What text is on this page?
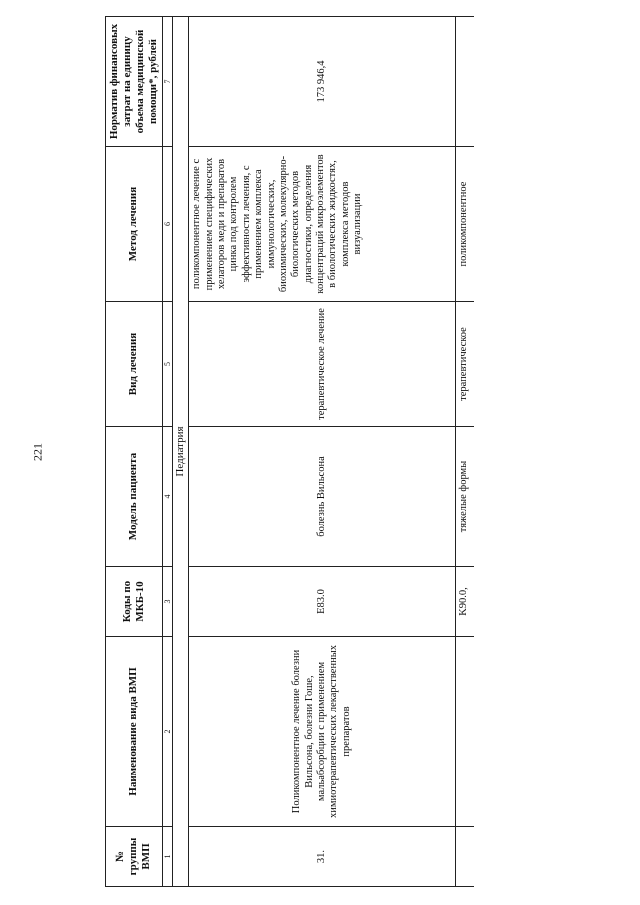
221
№ группы ВМП	Наименование вида ВМП	Коды по МКБ-10	Модель пациента	Вид лечения	Метод лечения	Норматив финансовых затрат на единицу объема медицинской помощи*, рублей
1	2	3	4	5	6	7
Педиатрия						
31.	Поликомпонентное лечение болезни Вильсона, болезни Гоше, мальабсорбции с применением химиотерапевтических лекарственных препаратов	E83.0	болезнь Вильсона	терапевтическое лечение	поликомпонентное лечение с применением специфических хелаторов меди и препаратов цинка под контролем эффективности лечения, с применением комплекса иммунологических, биохимических, молекулярно-биологических методов диагностики, определения концентраций микроэлементов в биологических жидкостях, комплекса методов визуализации	173 946,4
		K90.0,	тяжелые формы	терапевтическое	поликомпонентное	
